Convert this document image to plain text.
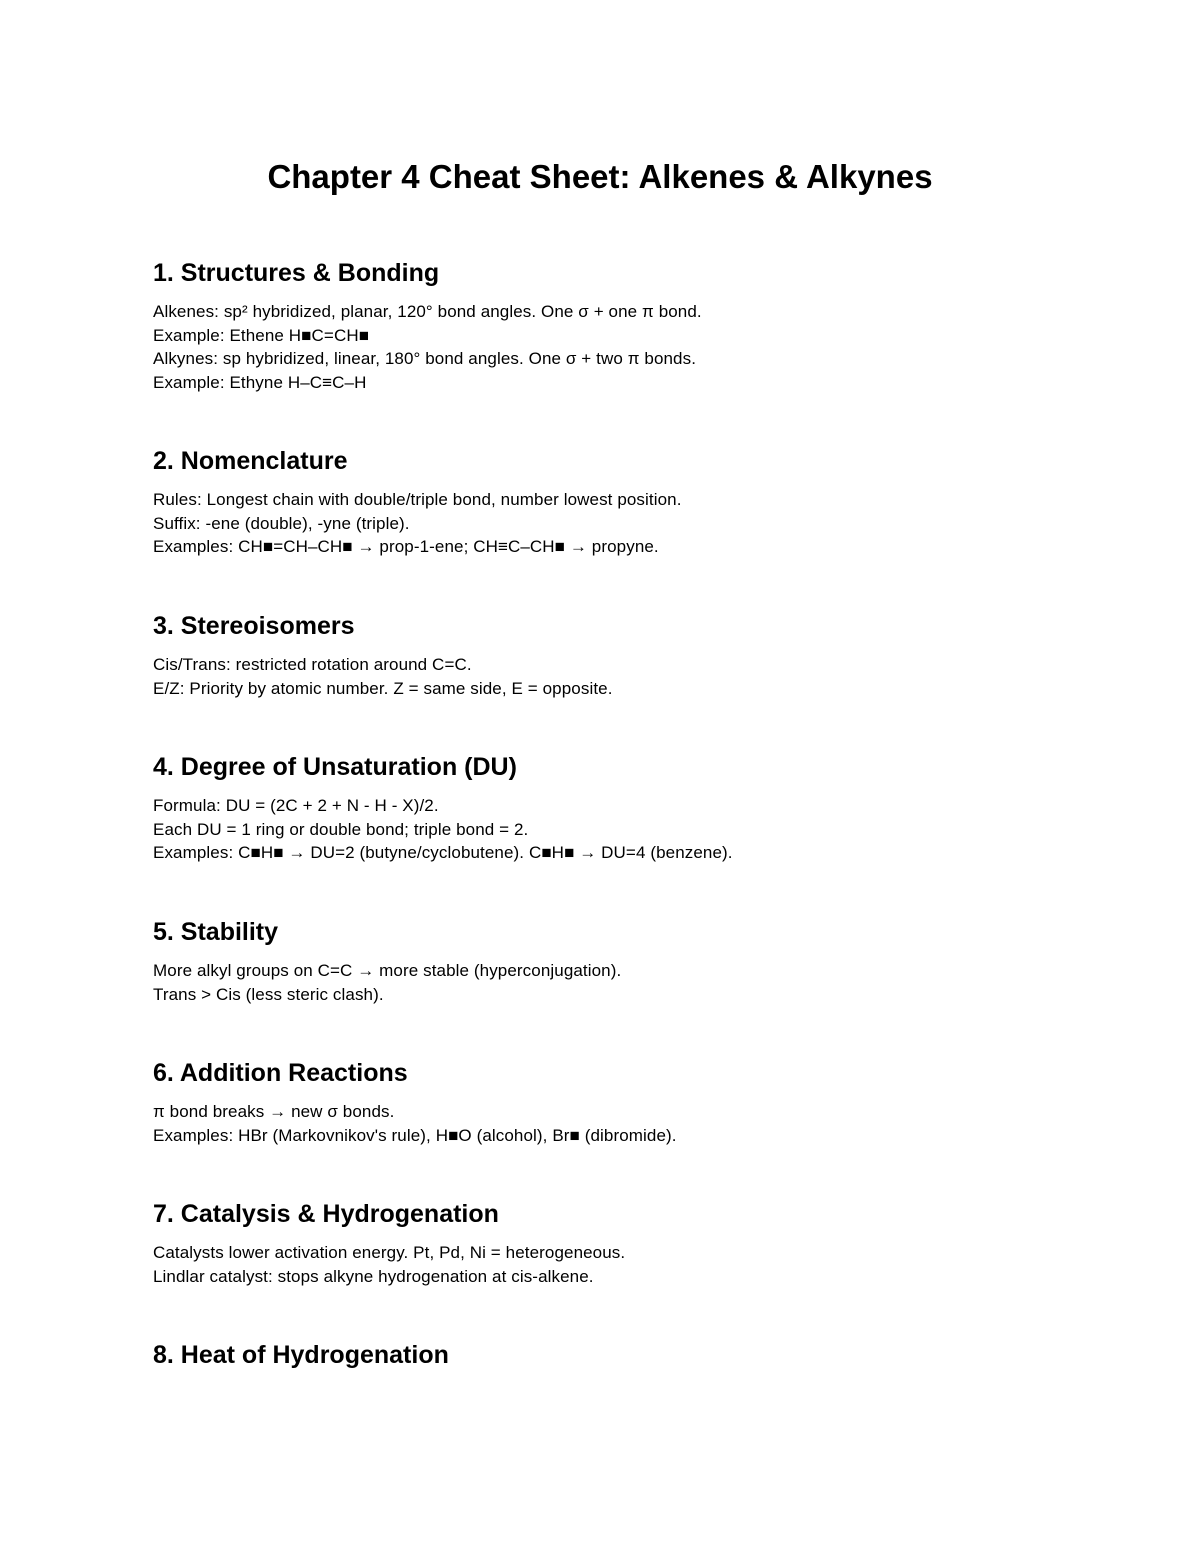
Chapter 4 Cheat Sheet: Alkenes & Alkynes
1. Structures & Bonding
Alkenes: sp² hybridized, planar, 120° bond angles. One σ + one π bond.
Example: Ethene H■C=CH■
Alkynes: sp hybridized, linear, 180° bond angles. One σ + two π bonds.
Example: Ethyne H–C≡C–H
2. Nomenclature
Rules: Longest chain with double/triple bond, number lowest position.
Suffix: -ene (double), -yne (triple).
Examples: CH■=CH–CH■ → prop-1-ene; CH≡C–CH■ → propyne.
3. Stereoisomers
Cis/Trans: restricted rotation around C=C.
E/Z: Priority by atomic number. Z = same side, E = opposite.
4. Degree of Unsaturation (DU)
Formula: DU = (2C + 2 + N - H - X)/2.
Each DU = 1 ring or double bond; triple bond = 2.
Examples: C■H■ → DU=2 (butyne/cyclobutene). C■H■ → DU=4 (benzene).
5. Stability
More alkyl groups on C=C → more stable (hyperconjugation).
Trans > Cis (less steric clash).
6. Addition Reactions
π bond breaks → new σ bonds.
Examples: HBr (Markovnikov's rule), H■O (alcohol), Br■ (dibromide).
7. Catalysis & Hydrogenation
Catalysts lower activation energy. Pt, Pd, Ni = heterogeneous.
Lindlar catalyst: stops alkyne hydrogenation at cis-alkene.
8. Heat of Hydrogenation
